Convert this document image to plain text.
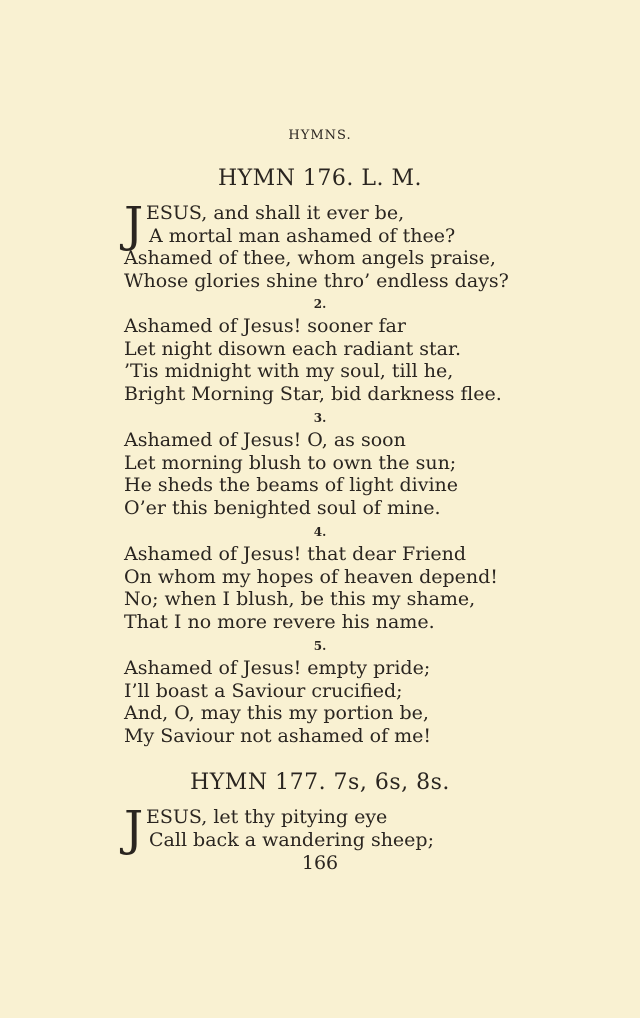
HYMNS.
HYMN 176. L. M.
J ESUS, and shall it ever be,
A mortal man ashamed of thee?
Ashamed of thee, whom angels praise,
Whose glories shine thro’ endless days?
2.
Ashamed of Jesus! sooner far
Let night disown each radiant star.
’Tis midnight with my soul, till he,
Bright Morning Star, bid darkness flee.
3.
Ashamed of Jesus! O, as soon
Let morning blush to own the sun;
He sheds the beams of light divine
O’er this benighted soul of mine.
4.
Ashamed of Jesus! that dear Friend
On whom my hopes of heaven depend!
No; when I blush, be this my shame,
That I no more revere his name.
5.
Ashamed of Jesus! empty pride;
I’ll boast a Saviour crucified;
And, O, may this my portion be,
My Saviour not ashamed of me!
HYMN 177. 7s, 6s, 8s.
J ESUS, let thy pitying eye
Call back a wandering sheep;
166
